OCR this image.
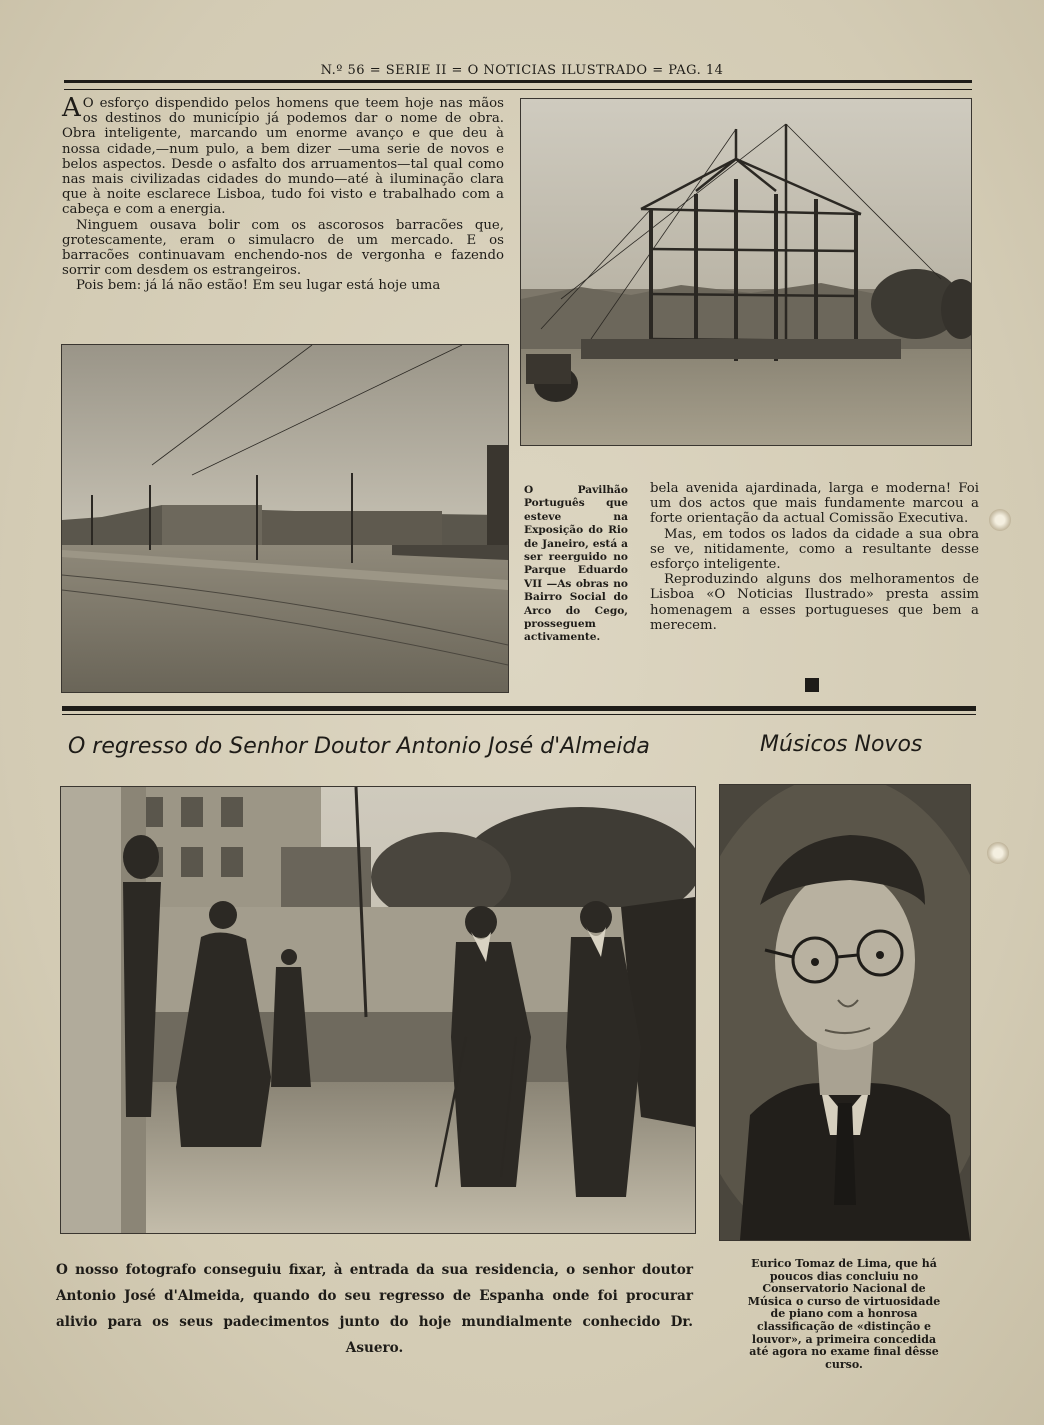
N.º 56 = SERIE II = O NOTICIAS ILUSTRADO = PAG. 14

A O esforço dispendido pelos homens que teem hoje nas mãos os destinos do município já podemos dar o nome de obra. Obra inteligente, marcando um enorme avanço e que deu à nossa cidade,—num pulo, a bem dizer —uma serie de novos e belos aspectos. Desde o asfalto dos arruamentos—tal qual como nas mais civilizadas cidades do mundo—até à iluminação clara que à noite esclarece Lisboa, tudo foi visto e trabalhado com a cabeça e com a energia.

Ninguem ousava bolir com os ascorosos barracões que, grotescamente, eram o simulacro de um mercado. E os barracões continuavam enchendo-nos de vergonha e fazendo sorrir com desdem os estrangeiros.

Pois bem: já lá não estão! Em seu lugar está hoje uma

O Pavilhão Português que esteve na Exposição do Rio de Janeiro, está a ser reerguido no Parque Eduardo VII —As obras no Bairro Social do Arco do Cego, prosseguem activamente.

bela avenida ajardinada, larga e moderna! Foi um dos actos que mais fundamente marcou a forte orientação da actual Comissão Executiva.

Mas, em todos os lados da cidade a sua obra se ve, nitidamente, como a resultante desse esforço inteligente.

Reproduzindo alguns dos melhoramentos de Lisboa «O Noticias Ilustrado» presta assim homenagem a esses portugueses que bem a merecem.

O regresso do Senhor Doutor Antonio José d'Almeida	Músicos Novos
O nosso fotografo conseguiu fixar, à entrada da sua residencia, o senhor doutor Antonio José d'Almeida, quando do seu regresso de Espanha onde foi procurar alivio para os seus padecimentos junto do hoje mundialmente conhecido Dr. Asuero.
Eurico Tomaz de Lima, que há poucos dias concluiu no Conservatorio Nacional de Música o curso de virtuosidade de piano com a honrosa classificação de «distinção e louvor», a primeira concedida até agora no exame final dêsse curso.
